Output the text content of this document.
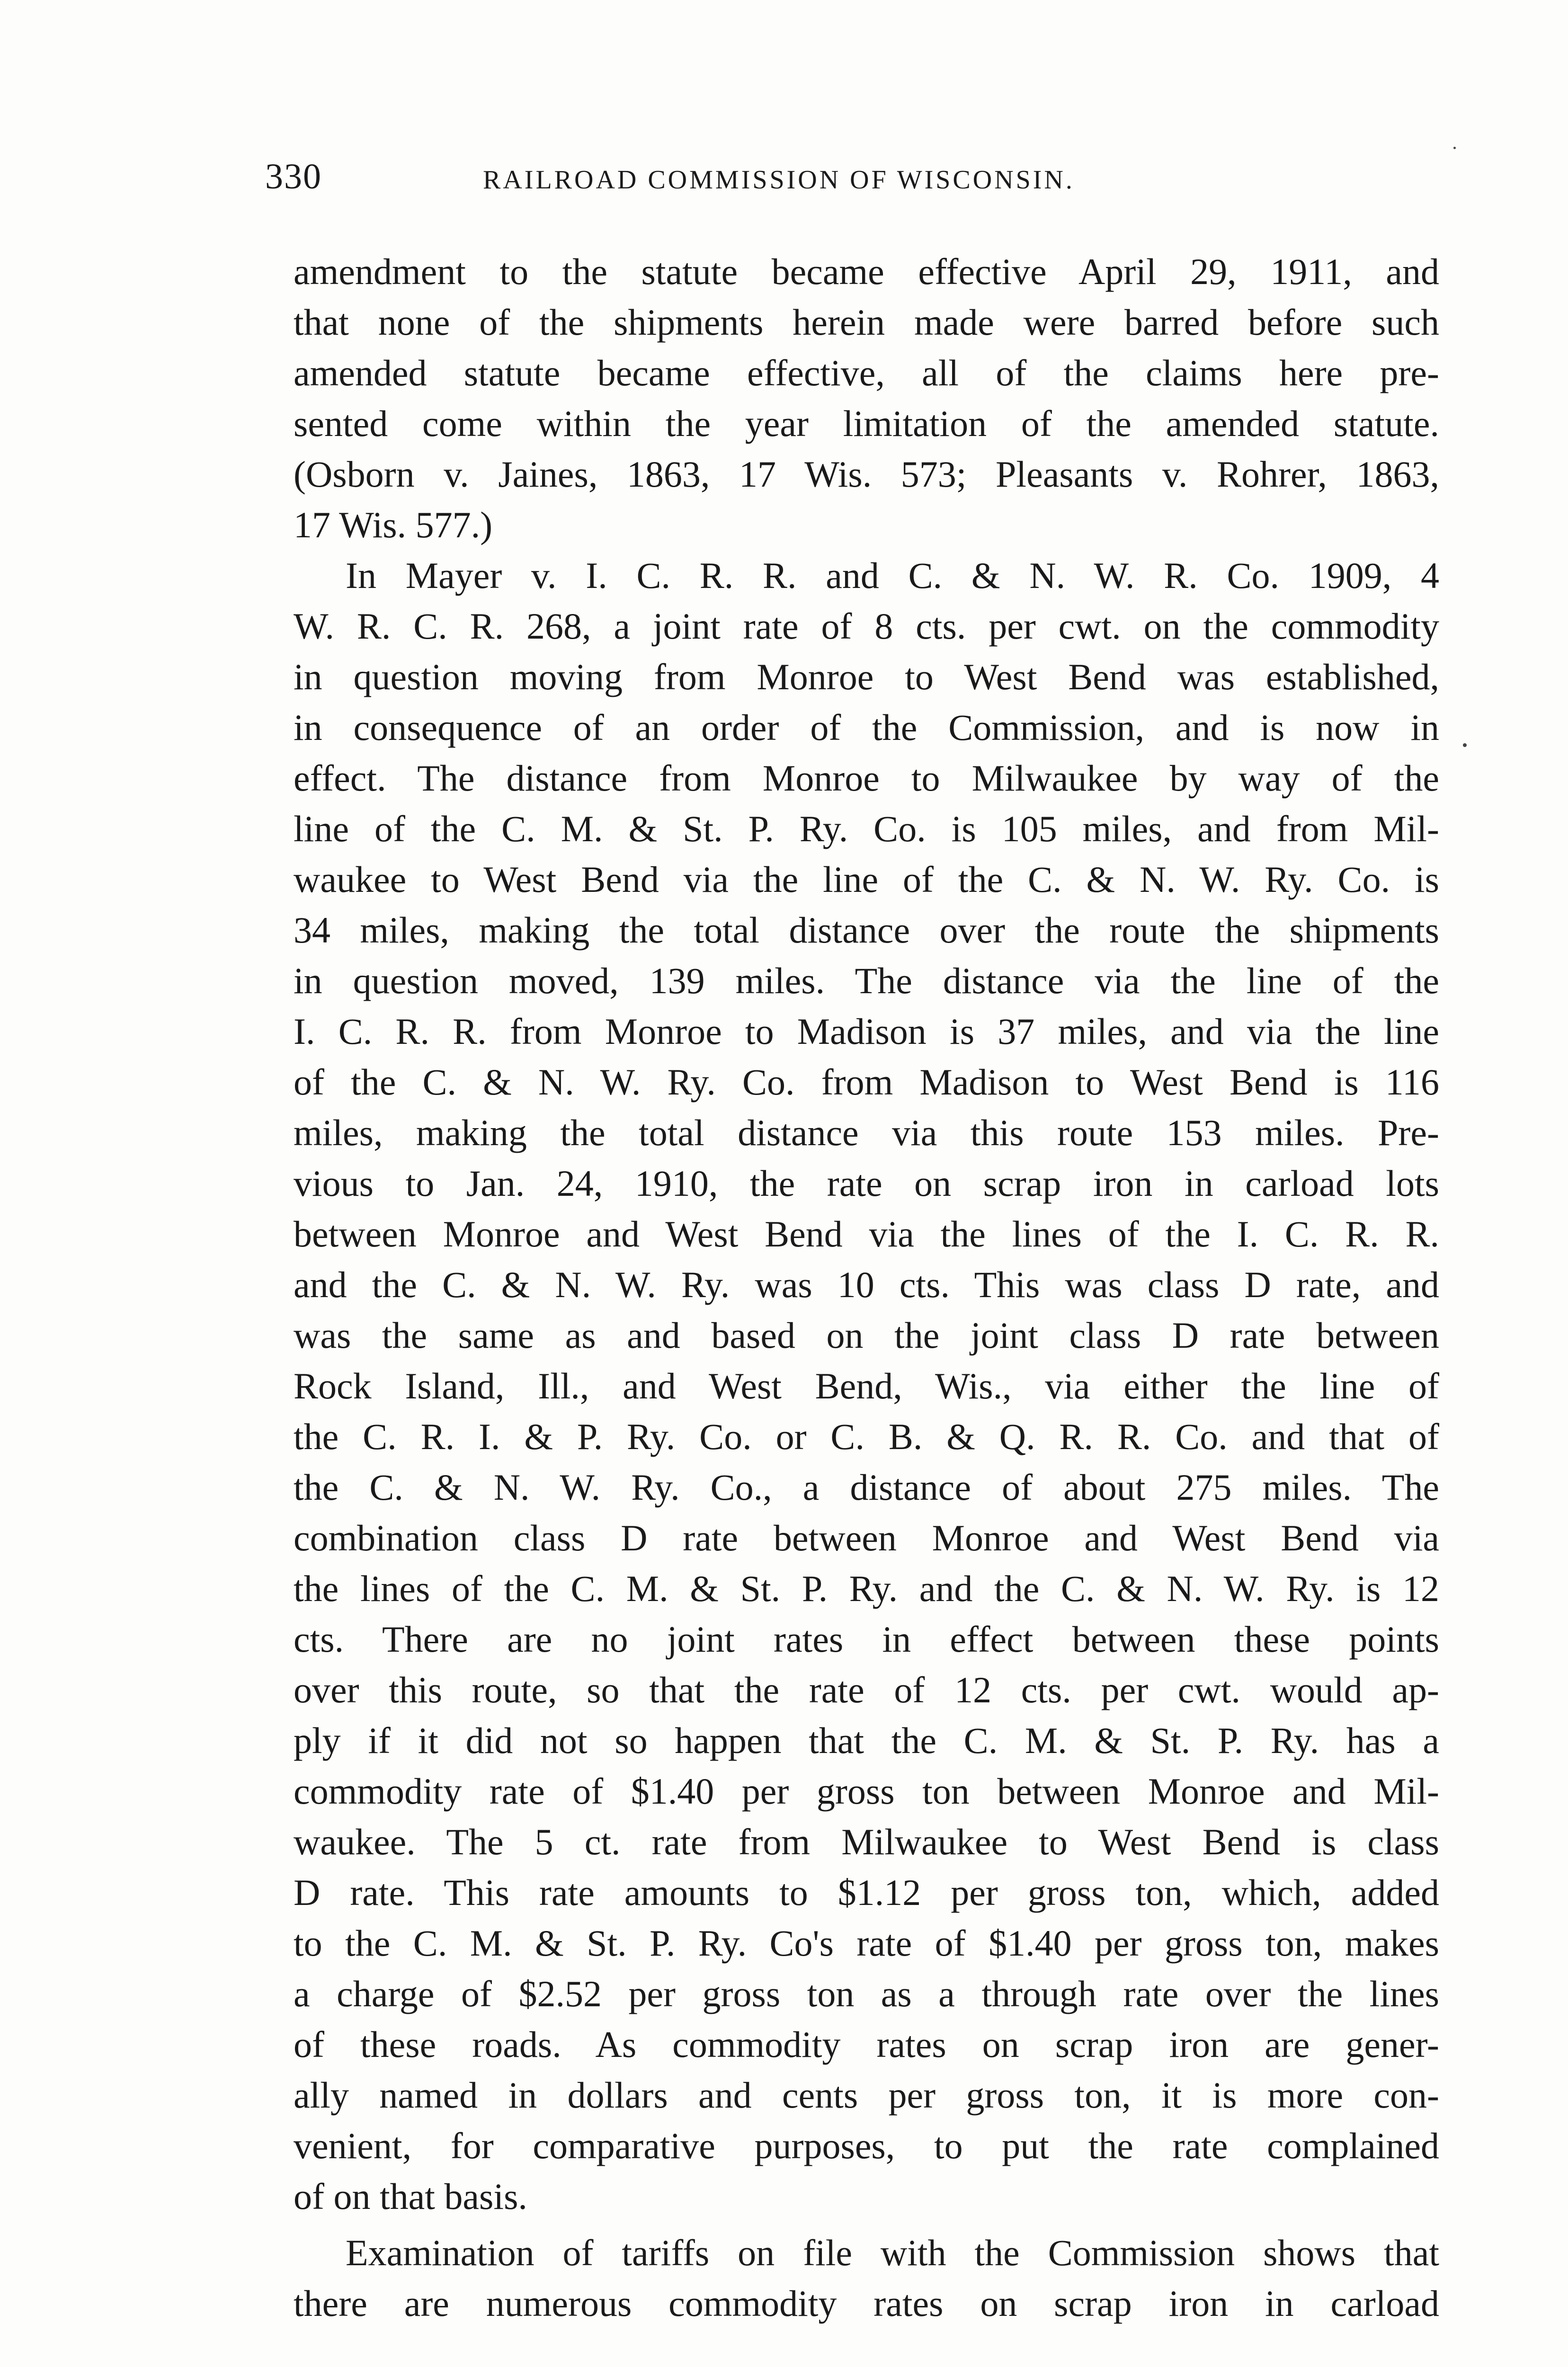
330	RAILROAD COMMISSION OF WISCONSIN.
amendment to the statute became effective April 29, 1911, and
that none of the shipments herein made were barred before such
amended statute became effective, all of the claims here pre-
sented come within the year limitation of the amended statute.
(Osborn v. Jaines, 1863, 17 Wis. 573; Pleasants v. Rohrer, 1863,
17 Wis. 577.)
In Mayer v. I. C. R. R. and C. & N. W. R. Co. 1909, 4
W. R. C. R. 268, a joint rate of 8 cts. per cwt. on the commodity
in question moving from Monroe to West Bend was established,
in consequence of an order of the Commission, and is now in
effect. The distance from Monroe to Milwaukee by way of the
line of the C. M. & St. P. Ry. Co. is 105 miles, and from Mil-
waukee to West Bend via the line of the C. & N. W. Ry. Co. is
34 miles, making the total distance over the route the shipments
in question moved, 139 miles. The distance via the line of the
I. C. R. R. from Monroe to Madison is 37 miles, and via the line
of the C. & N. W. Ry. Co. from Madison to West Bend is 116
miles, making the total distance via this route 153 miles. Pre-
vious to Jan. 24, 1910, the rate on scrap iron in carload lots
between Monroe and West Bend via the lines of the I. C. R. R.
and the C. & N. W. Ry. was 10 cts. This was class D rate, and
was the same as and based on the joint class D rate between
Rock Island, Ill., and West Bend, Wis., via either the line of
the C. R. I. & P. Ry. Co. or C. B. & Q. R. R. Co. and that of
the C. & N. W. Ry. Co., a distance of about 275 miles. The
combination class D rate between Monroe and West Bend via
the lines of the C. M. & St. P. Ry. and the C. & N. W. Ry. is 12
cts. There are no joint rates in effect between these points
over this route, so that the rate of 12 cts. per cwt. would ap-
ply if it did not so happen that the C. M. & St. P. Ry. has a
commodity rate of $1.40 per gross ton between Monroe and Mil-
waukee. The 5 ct. rate from Milwaukee to West Bend is class
D rate. This rate amounts to $1.12 per gross ton, which, added
to the C. M. & St. P. Ry. Co's rate of $1.40 per gross ton, makes
a charge of $2.52 per gross ton as a through rate over the lines
of these roads. As commodity rates on scrap iron are gener-
ally named in dollars and cents per gross ton, it is more con-
venient, for comparative purposes, to put the rate complained
of on that basis.
Examination of tariffs on file with the Commission shows that
there are numerous commodity rates on scrap iron in carload
